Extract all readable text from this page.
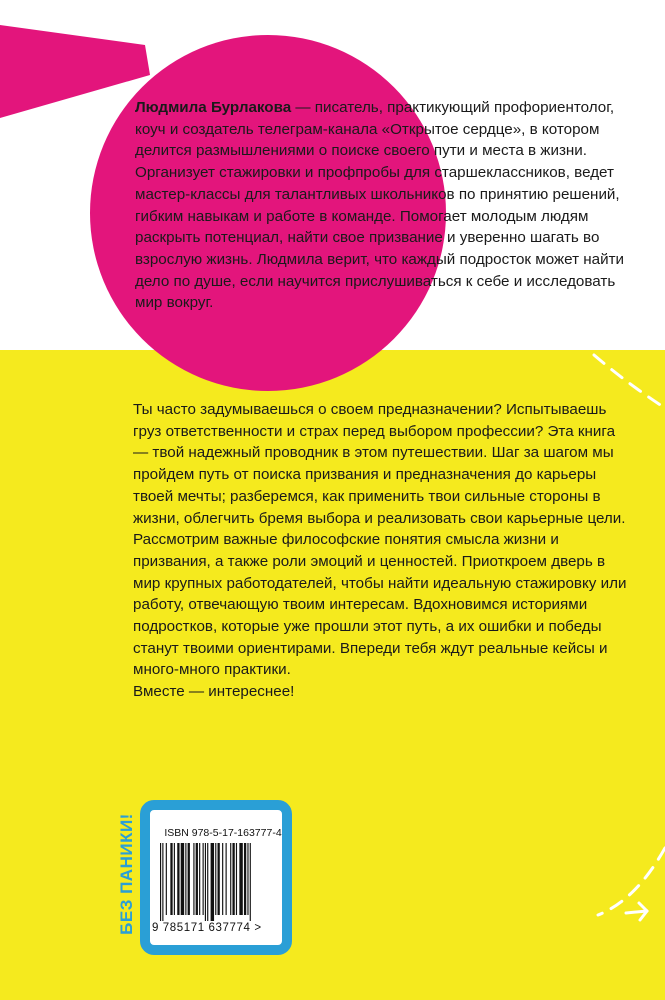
Людмила Бурлакова — писатель, практикующий профориентолог, коуч и создатель телеграм-канала «Открытое сердце», в котором делится размышлениями о поиске своего пути и места в жизни. Организует стажировки и профпробы для старшеклассников, ведет мастер-классы для талантливых школьников по принятию решений, гибким навыкам и работе в команде. Помогает молодым людям раскрыть потенциал, найти свое призвание и уверенно шагать во взрослую жизнь. Людмила верит, что каждый подросток может найти дело по душе, если научится прислушиваться к себе и исследовать мир вокруг.

Ты часто задумываешься о своем предназначении? Испытываешь груз ответственности и страх перед выбором профессии? Эта книга — твой надежный проводник в этом путешествии. Шаг за шагом мы пройдем путь от поиска призвания и предназначения до карьеры твоей мечты; разберемся, как применить твои сильные стороны в жизни, облегчить бремя выбора и реализовать свои карьерные цели. Рассмотрим важные философские понятия смысла жизни и призвания, а также роли эмоций и ценностей. Приоткроем дверь в мир крупных работодателей, чтобы найти идеальную стажировку или работу, отвечающую твоим интересам. Вдохновимся историями подростков, которые уже прошли этот путь, а их ошибки и победы станут твоими ориентирами. Впереди тебя ждут реальные кейсы и много-много практики.

Вместе — интереснее!

БЕЗ ПАНИКИ!	ISBN 978-5-17-163777-4
9 785171 637774 >
